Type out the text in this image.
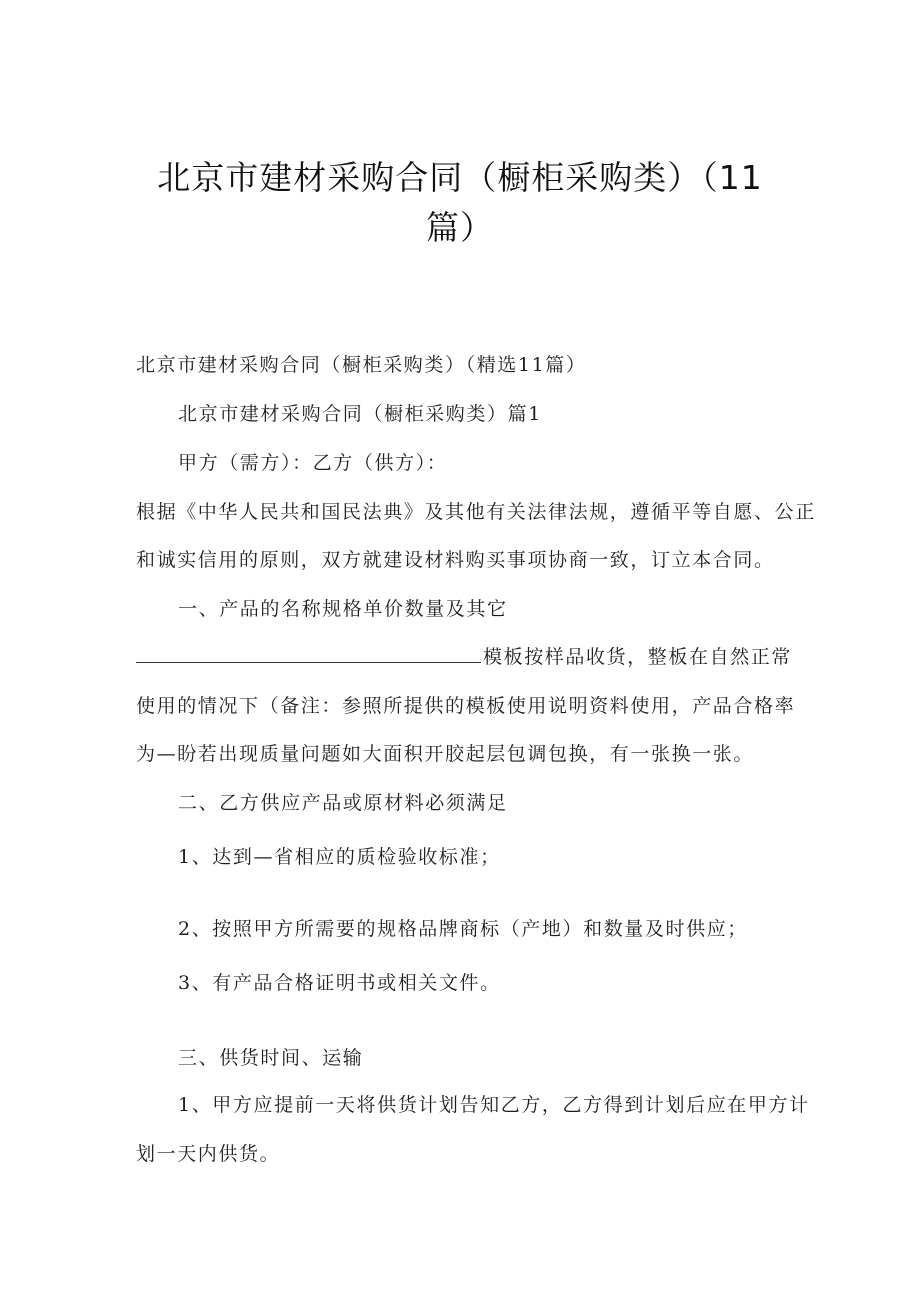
北京市建材采购合同（橱柜采购类）（11
篇）
北京市建材采购合同（橱柜采购类）（精选11篇）
北京市建材采购合同（橱柜采购类）篇1
甲方（需方）：乙方（供方）：
根据《中华人民共和国民法典》及其他有关法律法规，遵循平等自愿、公正
和诚实信用的原则，双方就建设材料购买事项协商一致，订立本合同。
一、产品的名称规格单价数量及其它
模板按样品收货，整板在自然正常
使用的情况下（备注：参照所提供的模板使用说明资料使用，产品合格率
为—盼若出现质量问题如大面积开胶起层包调包换，有一张换一张。
二、乙方供应产品或原材料必须满足
1、达到—省相应的质检验收标准；
2、按照甲方所需要的规格品牌商标（产地）和数量及时供应；
3、有产品合格证明书或相关文件。
三、供货时间、运输
1、甲方应提前一天将供货计划告知乙方，乙方得到计划后应在甲方计
划一天内供货。
